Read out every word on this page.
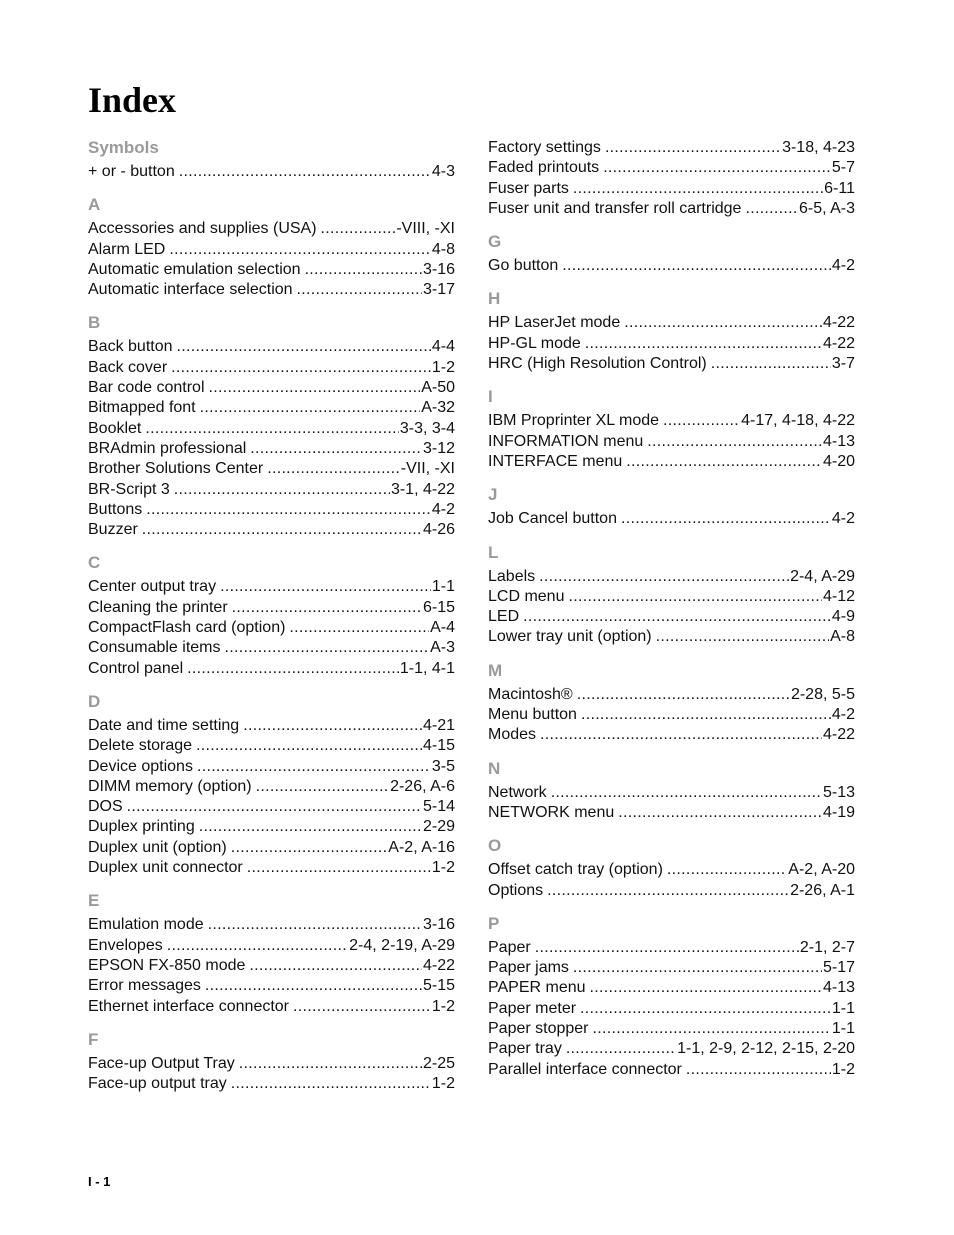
Index
Symbols
+ or - button .....	4-3
A
Accessories and supplies (USA) .....	-VIII, -XI
Alarm LED .....	4-8
Automatic emulation selection .....	3-16
Automatic interface selection .....	3-17
B
Back button .....	4-4
Back cover .....	1-2
Bar code control .....	A-50
Bitmapped font .....	A-32
Booklet .....	3-3, 3-4
BRAdmin professional .....	3-12
Brother Solutions Center .....	-VII, -XI
BR-Script 3 .....	3-1, 4-22
Buttons .....	4-2
Buzzer .....	4-26
C
Center output tray .....	1-1
Cleaning the printer .....	6-15
CompactFlash card (option) .....	A-4
Consumable items .....	A-3
Control panel .....	1-1, 4-1
D
Date and time setting .....	4-21
Delete storage .....	4-15
Device options .....	3-5
DIMM memory (option) .....	2-26, A-6
DOS .....	5-14
Duplex printing .....	2-29
Duplex unit (option) .....	A-2, A-16
Duplex unit connector .....	1-2
E
Emulation mode .....	3-16
Envelopes .....	2-4, 2-19, A-29
EPSON FX-850 mode .....	4-22
Error messages .....	5-15
Ethernet interface connector .....	1-2
F
Face-up Output Tray .....	2-25
Face-up output tray .....	1-2
Factory settings .....	3-18, 4-23
Faded printouts .....	5-7
Fuser parts .....	6-11
Fuser unit and transfer roll cartridge .....	6-5, A-3
G
Go button .....	4-2
H
HP LaserJet mode .....	4-22
HP-GL mode .....	4-22
HRC (High Resolution Control) .....	3-7
I
IBM Proprinter XL mode .....	4-17, 4-18, 4-22
INFORMATION menu .....	4-13
INTERFACE menu .....	4-20
J
Job Cancel button .....	4-2
L
Labels .....	2-4, A-29
LCD menu .....	4-12
LED .....	4-9
Lower tray unit (option) .....	A-8
M
Macintosh® .....	2-28, 5-5
Menu button .....	4-2
Modes .....	4-22
N
Network .....	5-13
NETWORK menu .....	4-19
O
Offset catch tray (option) .....	A-2, A-20
Options .....	2-26, A-1
P
Paper .....	2-1, 2-7
Paper jams .....	5-17
PAPER menu .....	4-13
Paper meter .....	1-1
Paper stopper .....	1-1
Paper tray .....	1-1, 2-9, 2-12, 2-15, 2-20
Parallel interface connector .....	1-2
I - 1
